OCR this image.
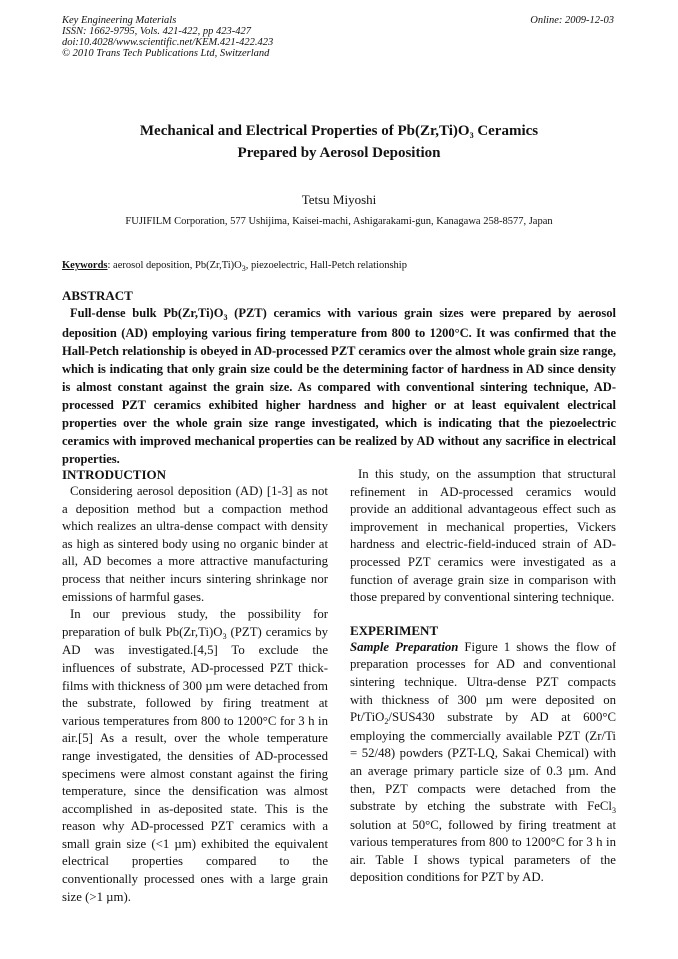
Key Engineering Materials
ISSN: 1662-9795, Vols. 421-422, pp 423-427
doi:10.4028/www.scientific.net/KEM.421-422.423
© 2010 Trans Tech Publications Ltd, Switzerland
Online: 2009-12-03
Mechanical and Electrical Properties of $Pb(Zr,Ti)O_3$ Ceramics
Prepared by Aerosol Deposition
Tetsu Miyoshi
FUJIFILM Corporation, 577 Ushijima, Kaisei-machi, Ashigarakami-gun, Kanagawa 258-8577, Japan
Keywords: aerosol deposition, $Pb(Zr,Ti)O_3$, piezoelectric, Hall-Petch relationship
ABSTRACT
Full-dense bulk $Pb(Zr,Ti)O_3$ (PZT) ceramics with various grain sizes were prepared by aerosol deposition (AD) employing various firing temperature from 800 to 1200°C. It was confirmed that the Hall-Petch relationship is obeyed in AD-processed PZT ceramics over the almost whole grain size range, which is indicating that only grain size could be the determining factor of hardness in AD since density is almost constant against the grain size. As compared with conventional sintering technique, AD-processed PZT ceramics exhibited higher hardness and higher or at least equivalent electrical properties over the whole grain size range investigated, which is indicating that the piezoelectric ceramics with improved mechanical properties can be realized by AD without any sacrifice in electrical properties.
INTRODUCTION

Considering aerosol deposition (AD) [1-3] as not a deposition method but a compaction method which realizes an ultra-dense compact with density as high as sintered body using no organic binder at all, AD becomes a more attractive manufacturing process that neither incurs sintering shrinkage nor emissions of harmful gases.

In our previous study, the possibility for preparation of bulk $Pb(Zr,Ti)O_3$ (PZT) ceramics by AD was investigated.[4,5] To exclude the influences of substrate, AD-processed PZT thick-films with thickness of 300 µm were detached from the substrate, followed by firing treatment at various temperatures from 800 to 1200°C for 3 h in air.[5] As a result, over the whole temperature range investigated, the densities of AD-processed specimens were almost constant against the firing temperature, since the densification was almost accomplished in as-deposited state. This is the reason why AD-processed PZT ceramics with a small grain size (<1 µm) exhibited the equivalent electrical properties compared to the conventionally processed ones with a large grain size (>1 µm).

In this study, on the assumption that structural refinement in AD-processed ceramics would provide an additional advantageous effect such as improvement in mechanical properties, Vickers hardness and electric-field-induced strain of AD-processed PZT ceramics were investigated as a function of average grain size in comparison with those prepared by conventional sintering technique.

EXPERIMENT

Sample Preparation Figure 1 shows the flow of preparation processes for AD and conventional sintering technique. Ultra-dense PZT compacts with thickness of 300 µm were deposited on Pt/TiO$_2$/SUS430 substrate by AD at 600°C employing the commercially available PZT (Zr/Ti = 52/48) powders (PZT-LQ, Sakai Chemical) with an average primary particle size of 0.3 µm. And then, PZT compacts were detached from the substrate by etching the substrate with FeCl$_3$ solution at 50°C, followed by firing treatment at various temperatures from 800 to 1200°C for 3 h in air. Table I shows typical parameters of the deposition conditions for PZT by AD.
